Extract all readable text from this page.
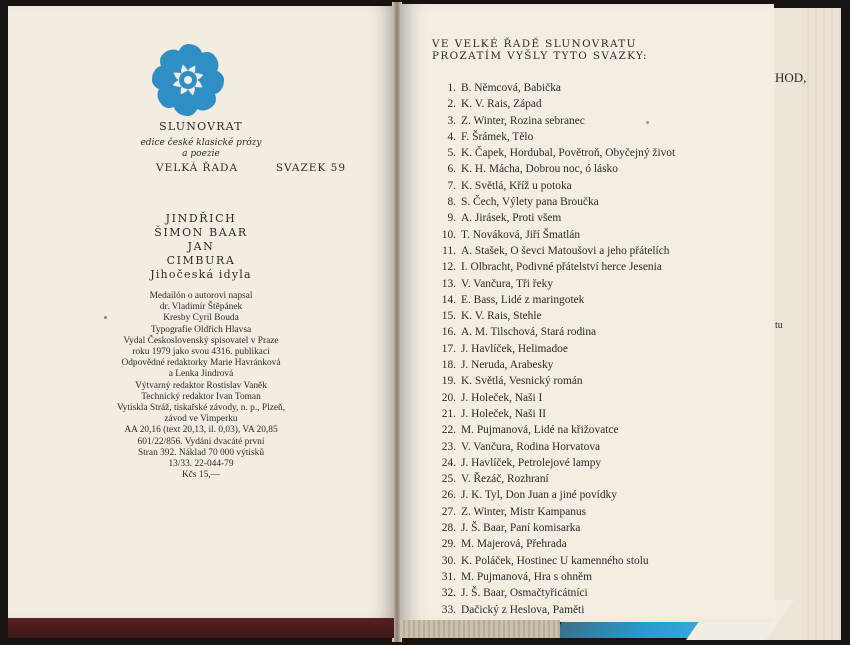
HOD,
tu
SLUNOVRAT
edice české klasické prózy
a poezie
VELKÁ ŘADA	SVAZEK 59
JINDŘICH
ŠIMON BAAR
JAN
CIMBURA
Jihočeská idyla
Medailón o autorovi napsal
dr. Vladimír Štěpánek
Kresby Cyril Bouda
Typografie Oldřich Hlavsa
Vydal Československý spisovatel v Praze
roku 1979 jako svou 4316. publikaci
Odpovědné redaktorky Marie Havránková
a Lenka Jindrová
Výtvarný redaktor Rostislav Vaněk
Technický redaktor Ivan Toman
Vytiskla Stráž, tiskařské závody, n. p., Plzeň,
závod ve Vimperku
AA 20,16 (text 20,13, il. 0,03), VA 20,85
601/22/856. Vydání dvacáté první
Stran 392. Náklad 70 000 výtisků
13/33. 22-044-79
Kčs 15,—
VE VELKÉ ŘADĚ SLUNOVRATU
PROZATÍM VYŠLY TYTO SVAZKY:
1. B. Němcová, Babička
2. K. V. Rais, Západ
3. Z. Winter, Rozina sebranec
4. F. Šrámek, Tělo
5. K. Čapek, Hordubal, Povětroň, Obyčejný život
6. K. H. Mácha, Dobrou noc, ó lásko
7. K. Světlá, Kříž u potoka
8. S. Čech, Výlety pana Broučka
9. A. Jirásek, Proti všem
10. T. Nováková, Jiří Šmatlán
11. A. Stašek, O ševci Matoušovi a jeho přátelích
12. I. Olbracht, Podivné přátelství herce Jesenia
13. V. Vančura, Tři řeky
14. E. Bass, Lidé z maringotek
15. K. V. Rais, Stehle
16. A. M. Tilschová, Stará rodina
17. J. Havlíček, Helimadoe
18. J. Neruda, Arabesky
19. K. Světlá, Vesnický román
20. J. Holeček, Naši I
21. J. Holeček, Naši II
22. M. Pujmanová, Lidé na křižovatce
23. V. Vančura, Rodina Horvatova
24. J. Havlíček, Petrolejové lampy
25. V. Řezáč, Rozhraní
26. J. K. Tyl, Don Juan a jiné povídky
27. Z. Winter, Mistr Kampanus
28. J. Š. Baar, Paní komisarka
29. M. Majerová, Přehrada
30. K. Poláček, Hostinec U kamenného stolu
31. M. Pujmanová, Hra s ohněm
32. J. Š. Baar, Osmačtyřicátníci
33. Dačický z Heslova, Paměti
